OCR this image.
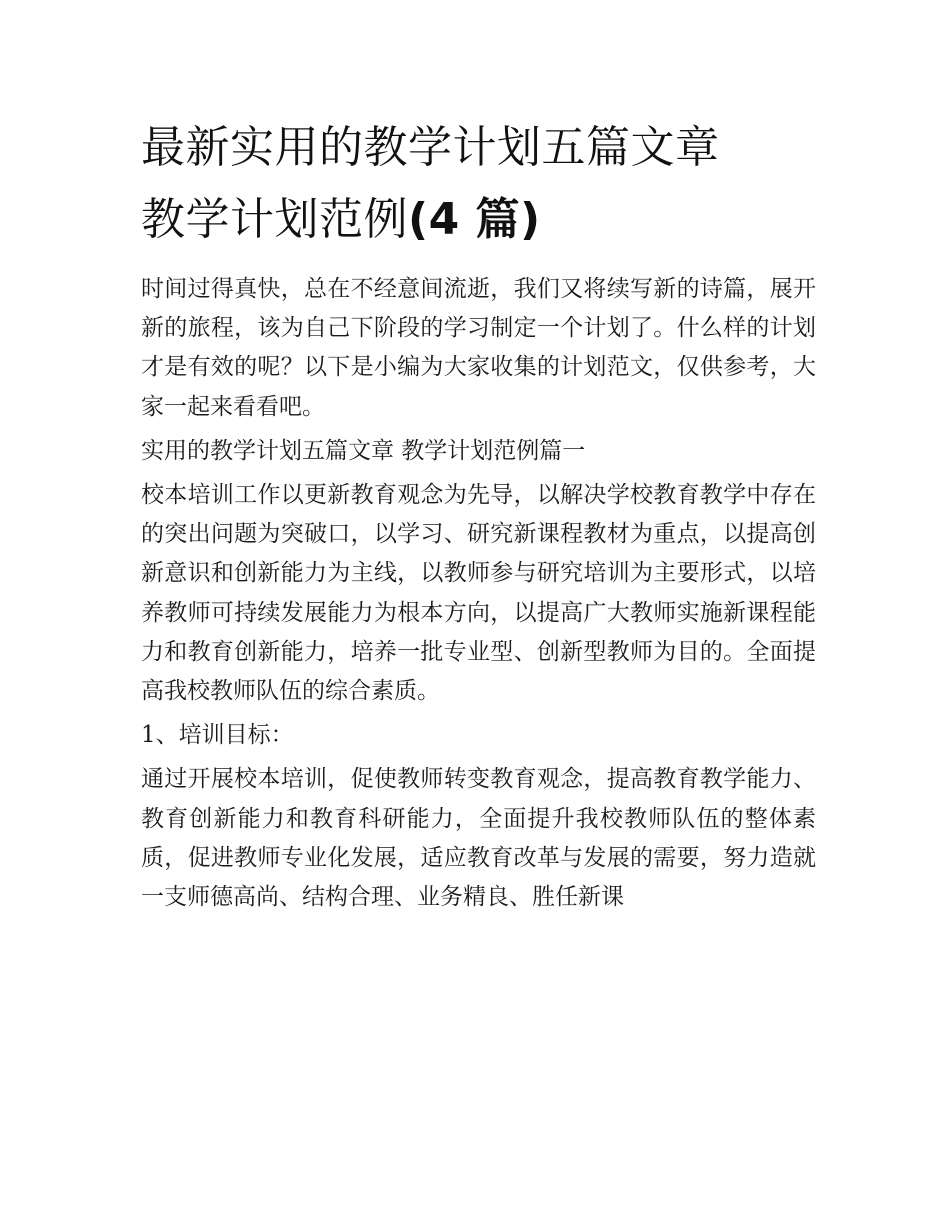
最新实用的教学计划五篇文章
教学计划范例(4 篇)

时间过得真快，总在不经意间流逝，我们又将续写新的诗篇，展开新的旅程，该为自己下阶段的学习制定一个计划了。什么样的计划才是有效的呢？以下是小编为大家收集的计划范文，仅供参考，大家一起来看看吧。

实用的教学计划五篇文章 教学计划范例篇一

校本培训工作以更新教育观念为先导，以解决学校教育教学中存在的突出问题为突破口，以学习、研究新课程教材为重点，以提高创新意识和创新能力为主线，以教师参与研究培训为主要形式，以培养教师可持续发展能力为根本方向，以提高广大教师实施新课程能力和教育创新能力，培养一批专业型、创新型教师为目的。全面提高我校教师队伍的综合素质。

1、培训目标：

通过开展校本培训，促使教师转变教育观念，提高教育教学能力、教育创新能力和教育科研能力，全面提升我校教师队伍的整体素质，促进教师专业化发展，适应教育改革与发展的需要，努力造就一支师德高尚、结构合理、业务精良、胜任新课
